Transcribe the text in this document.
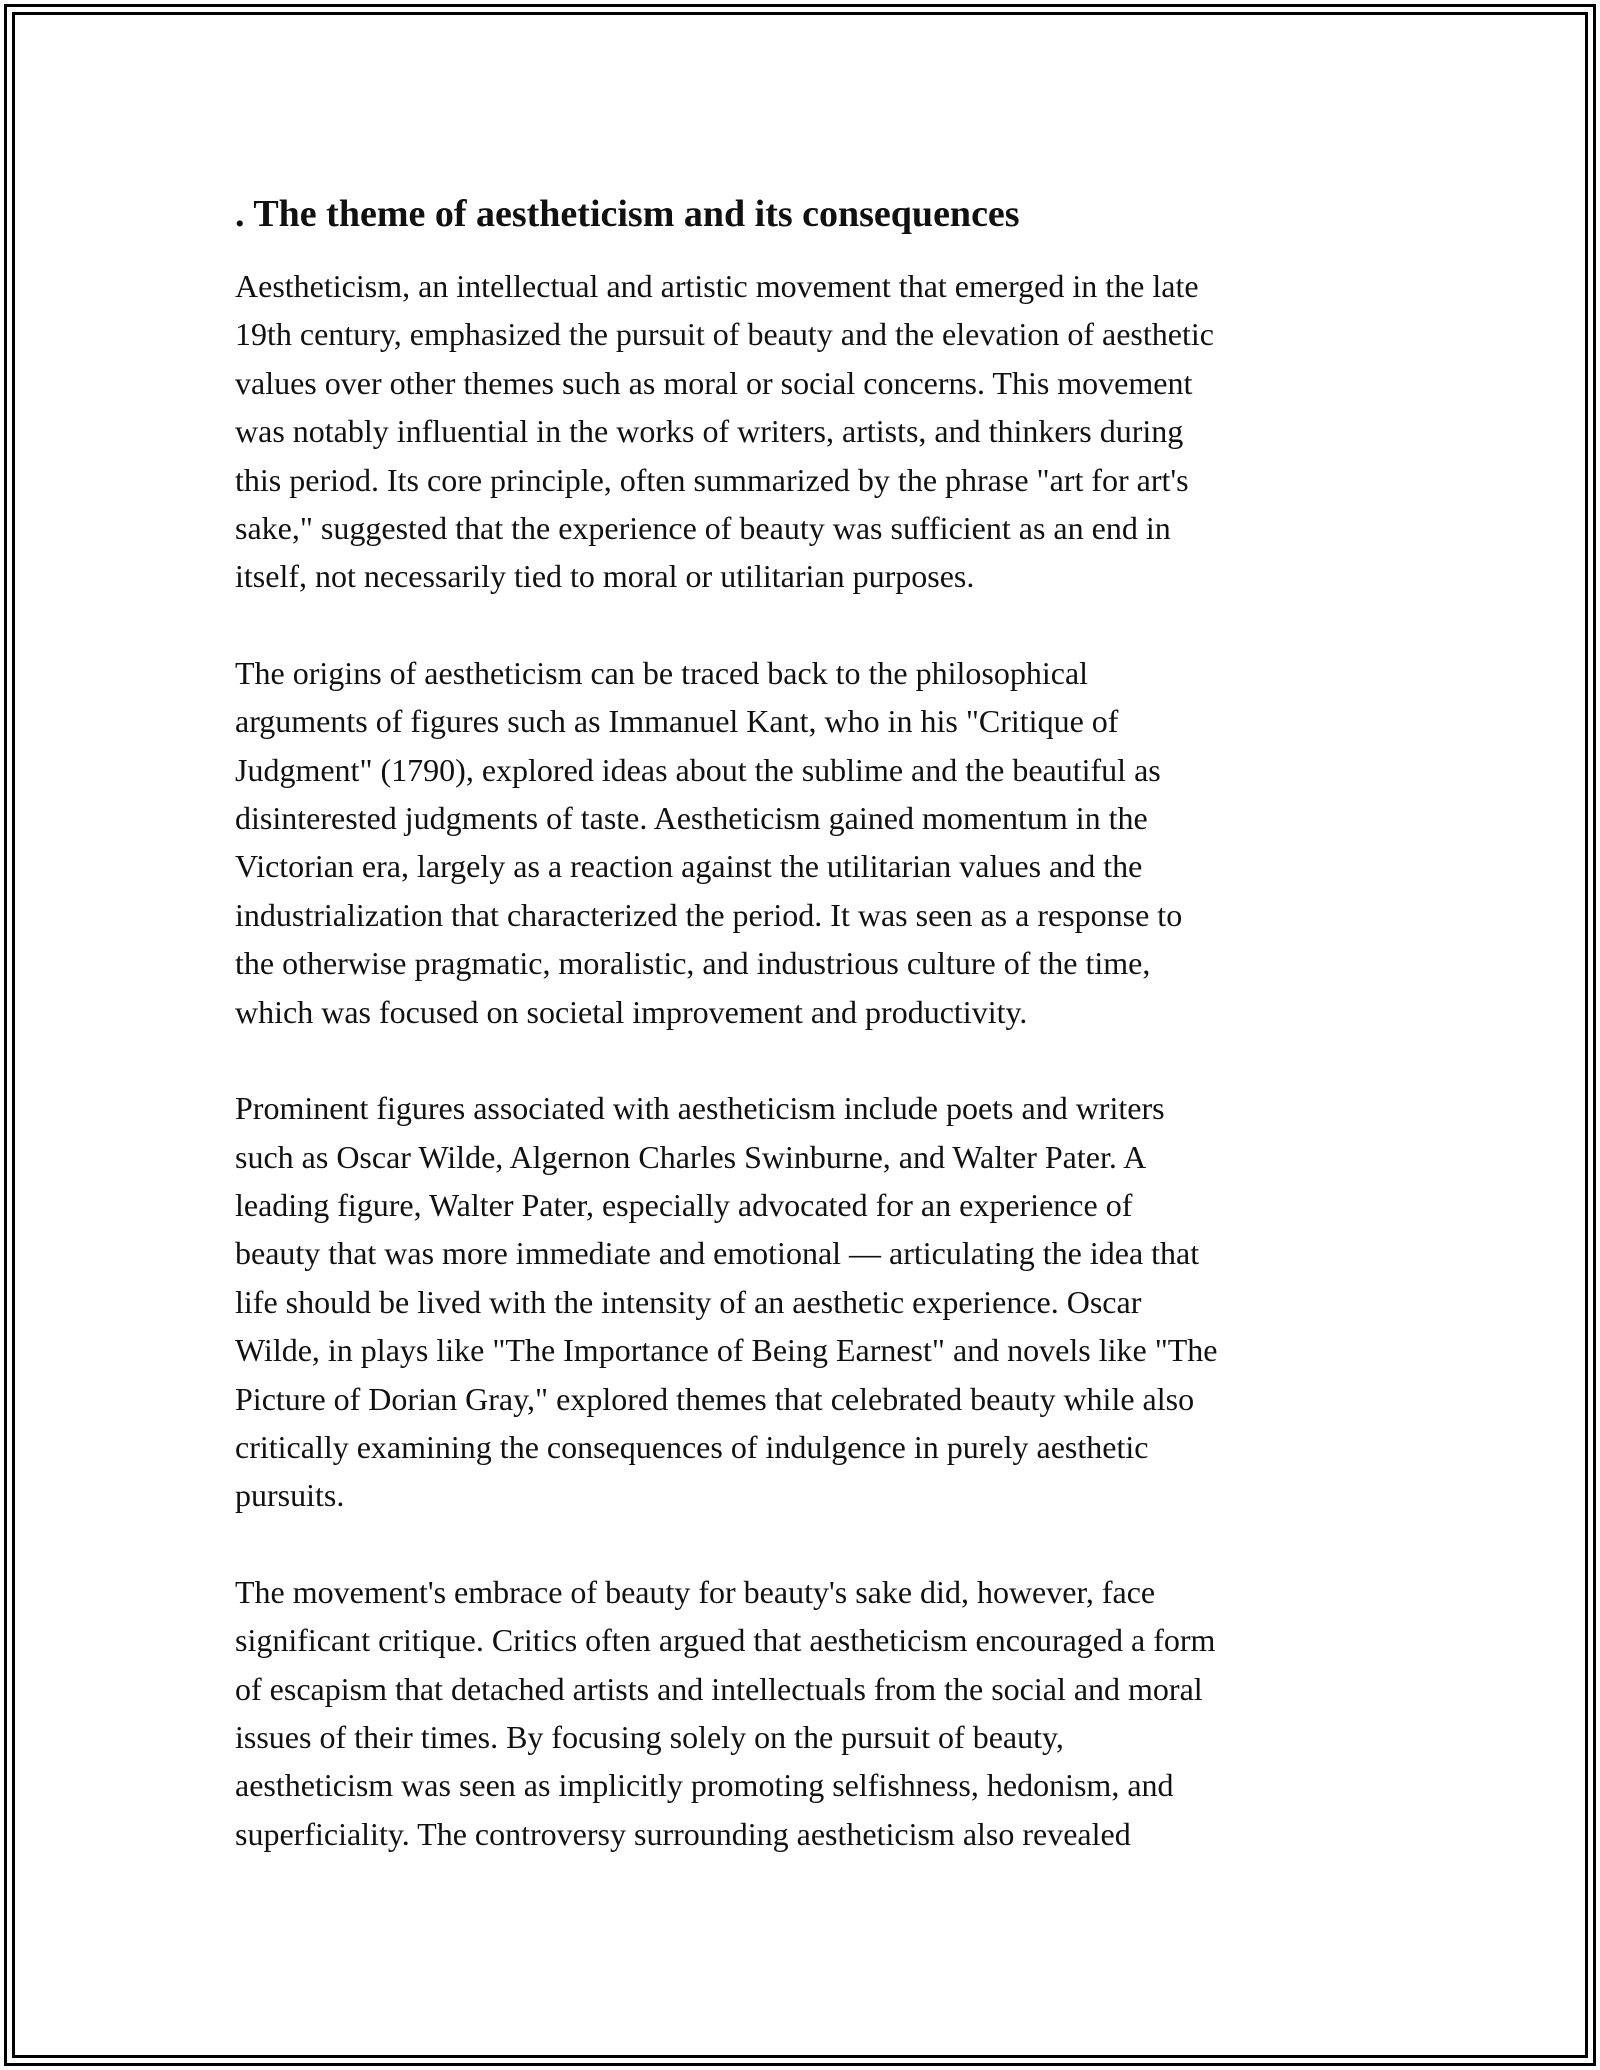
. The theme of aestheticism and its consequences

Aestheticism, an intellectual and artistic movement that emerged in the late
19th century, emphasized the pursuit of beauty and the elevation of aesthetic
values over other themes such as moral or social concerns. This movement
was notably influential in the works of writers, artists, and thinkers during
this period. Its core principle, often summarized by the phrase "art for art's
sake," suggested that the experience of beauty was sufficient as an end in
itself, not necessarily tied to moral or utilitarian purposes.

The origins of aestheticism can be traced back to the philosophical
arguments of figures such as Immanuel Kant, who in his "Critique of
Judgment" (1790), explored ideas about the sublime and the beautiful as
disinterested judgments of taste. Aestheticism gained momentum in the
Victorian era, largely as a reaction against the utilitarian values and the
industrialization that characterized the period. It was seen as a response to
the otherwise pragmatic, moralistic, and industrious culture of the time,
which was focused on societal improvement and productivity.

Prominent figures associated with aestheticism include poets and writers
such as Oscar Wilde, Algernon Charles Swinburne, and Walter Pater. A
leading figure, Walter Pater, especially advocated for an experience of
beauty that was more immediate and emotional — articulating the idea that
life should be lived with the intensity of an aesthetic experience. Oscar
Wilde, in plays like "The Importance of Being Earnest" and novels like "The
Picture of Dorian Gray," explored themes that celebrated beauty while also
critically examining the consequences of indulgence in purely aesthetic
pursuits.

The movement's embrace of beauty for beauty's sake did, however, face
significant critique. Critics often argued that aestheticism encouraged a form
of escapism that detached artists and intellectuals from the social and moral
issues of their times. By focusing solely on the pursuit of beauty,
aestheticism was seen as implicitly promoting selfishness, hedonism, and
superficiality. The controversy surrounding aestheticism also revealed
